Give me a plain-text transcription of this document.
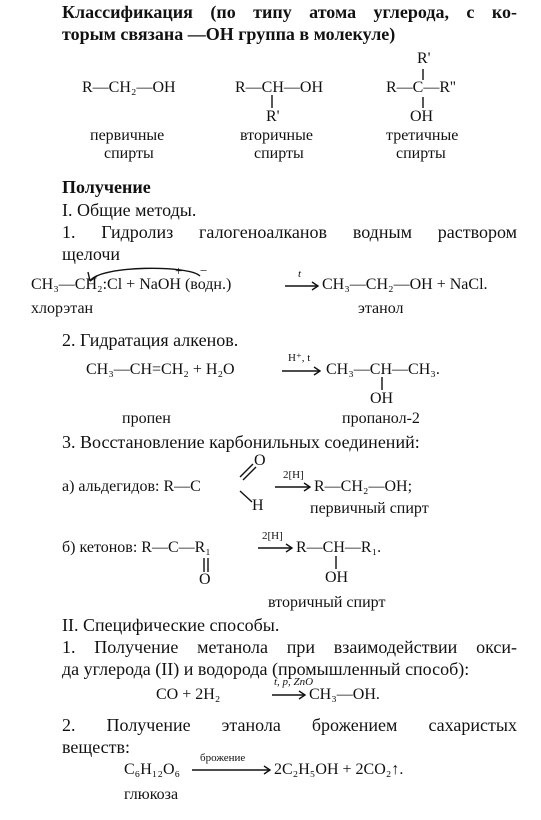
Классификация (по типу атома углерода, с ко-
торым связана —ОН группа в молекуле)
R—CH₂—OH
первичные
спирты
R—CH—OH
R'
вторичные
спирты
R'
R—C—R''
OH
третичные
спирты
Получение
I. Общие методы.
1. Гидролиз галогеноалканов водным раствором
щелочи
+ −
CH₃—CH₂:Cl + NaOH (водн.)
t
CH₃—CH₂—OH + NaCl.
хлорэтан	этанол
2. Гидратация алкенов.
CH₃—CH=CH₂ + H₂O
H⁺, t
CH₃—CH—CH₃.
OH
пропен	пропанол-2
3. Восстановление карбонильных соединений:
O
а) альдегидов: R—C
2[H]
R—CH₂—OH;
H	первичный спирт
б) кетонов: R—C—R₁
2[H]
R—CH—R₁.
O	OH
вторичный спирт
II. Специфические способы.
1. Получение метанола при взаимодействии окси-
да углерода (II) и водорода (промышленный способ):
CO + 2H₂
t, p, ZnO
CH₃—OH.
2. Получение этанола брожением сахаристых
веществ:
C₆H₁₂O₆
брожение
2C₂H₅OH + 2CO₂↑.
глюкоза
